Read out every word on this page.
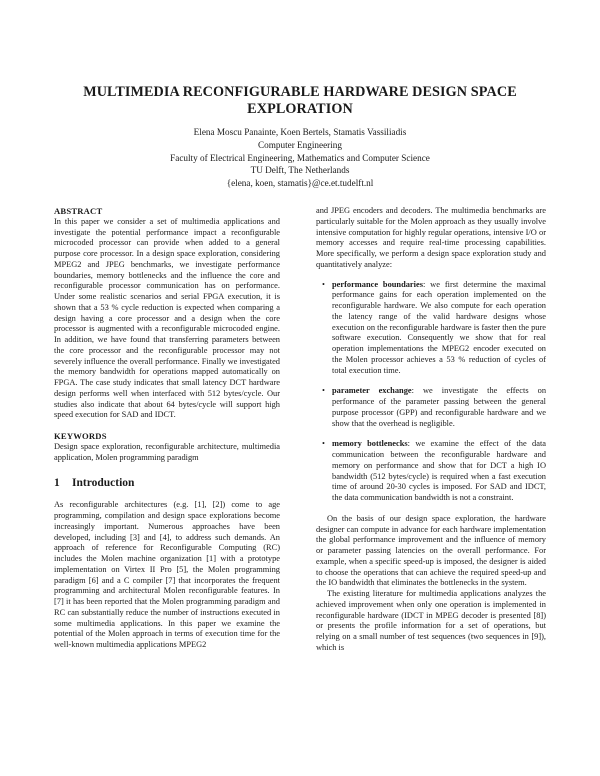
MULTIMEDIA RECONFIGURABLE HARDWARE DESIGN SPACE
EXPLORATION
Elena Moscu Panainte, Koen Bertels, Stamatis Vassiliadis
Computer Engineering
Faculty of Electrical Engineering, Mathematics and Computer Science
TU Delft, The Netherlands
{elena, koen, stamatis}@ce.et.tudelft.nl

ABSTRACT

In this paper we consider a set of multimedia applications and investigate the potential performance impact a reconfigurable microcoded processor can provide when added to a general purpose core processor. In a design space exploration, considering MPEG2 and JPEG benchmarks, we investigate performance boundaries, memory bottlenecks and the influence the core and reconfigurable processor communication has on performance. Under some realistic scenarios and serial FPGA execution, it is shown that a 53 % cycle reduction is expected when comparing a design having a core processor and a design when the core processor is augmented with a reconfigurable microcoded engine. In addition, we have found that transferring parameters between the core processor and the reconfigurable processor may not severely influence the overall performance. Finally we investigated the memory bandwidth for operations mapped automatically on FPGA. The case study indicates that small latency DCT hardware design performs well when interfaced with 512 bytes/cycle. Our studies also indicate that about 64 bytes/cycle will support high speed execution for SAD and IDCT.

KEYWORDS

Design space exploration, reconfigurable architecture, multimedia application, Molen programming paradigm

1 Introduction

As reconfigurable architectures (e.g. [1], [2]) come to age programming, compilation and design space explorations become increasingly important. Numerous approaches have been developed, including [3] and [4], to address such demands. An approach of reference for Reconfigurable Computing (RC) includes the Molen machine organization [1] with a prototype implementation on Virtex II Pro [5], the Molen programming paradigm [6] and a C compiler [7] that incorporates the frequent programming and architectural Molen reconfigurable features. In [7] it has been reported that the Molen programming paradigm and RC can substantially reduce the number of instructions executed in some multimedia applications. In this paper we examine the potential of the Molen approach in terms of execution time for the well-known multimedia applications MPEG2

and JPEG encoders and decoders. The multimedia benchmarks are particularly suitable for the Molen approach as they usually involve intensive computation for highly regular operations, intensive I/O or memory accesses and require real-time processing capabilities. More specifically, we perform a design space exploration study and quantitatively analyze:

• performance boundaries: we first determine the maximal performance gains for each operation implemented on the reconfigurable hardware. We also compute for each operation the latency range of the valid hardware designs whose execution on the reconfigurable hardware is faster then the pure software execution. Consequently we show that for real operation implementations the MPEG2 encoder executed on the Molen processor achieves a 53 % reduction of cycles of total execution time.
• parameter exchange: we investigate the effects on performance of the parameter passing between the general purpose processor (GPP) and reconfigurable hardware and we show that the overhead is negligible.
• memory bottlenecks: we examine the effect of the data communication between the reconfigurable hardware and memory on performance and show that for DCT a high IO bandwidth (512 bytes/cycle) is required when a fast execution time of around 20-30 cycles is imposed. For SAD and IDCT, the data communication bandwidth is not a constraint.

On the basis of our design space exploration, the hardware designer can compute in advance for each hardware implementation the global performance improvement and the influence of memory or parameter passing latencies on the overall performance. For example, when a specific speed-up is imposed, the designer is aided to choose the operations that can achieve the required speed-up and the IO bandwidth that eliminates the bottlenecks in the system.

The existing literature for multimedia applications analyzes the achieved improvement when only one operation is implemented in reconfigurable hardware (IDCT in MPEG decoder is presented [8]) or presents the profile information for a set of operations, but relying on a small number of test sequences (two sequences in [9]), which is
